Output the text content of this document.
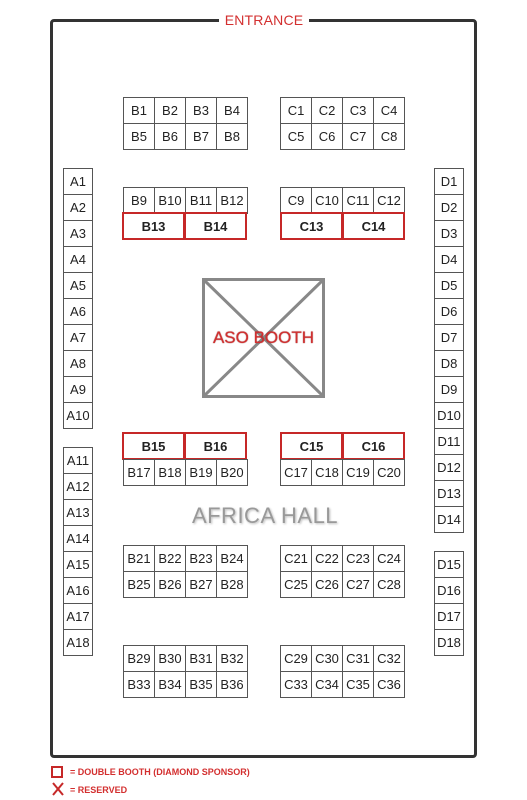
ENTRANCE
A1
A2
A3
A4
A5
A6
A7
A8
A9
A10
A11
A12
A13
A14
A15
A16
A17
A18
D1
D2
D3
D4
D5
D6
D7
D8
D9
D10
D11
D12
D13
D14
D15
D16
D17
D18
B1	B2	B3	B4
B5	B6	B7	B8
C1	C2	C3	C4
C5	C6	C7	C8
B9 B10 B11 B12
B13	B14
C9 C10 C11 C12
C13	C14
B15	B16
B17 B18 B19 B20
C15	C16
C17 C18 C19 C20
B21 B22 B23 B24
B25 B26 B27 B28
C21 C22 C23 C24
C25 C26 C27 C28
B29 B30 B31 B32
B33 B34 B35 B36
C29 C30 C31 C32
C33 C34 C35 C36
ASO BOOTH
AFRICA HALL
= DOUBLE BOOTH (DIAMOND SPONSOR)
= RESERVED
